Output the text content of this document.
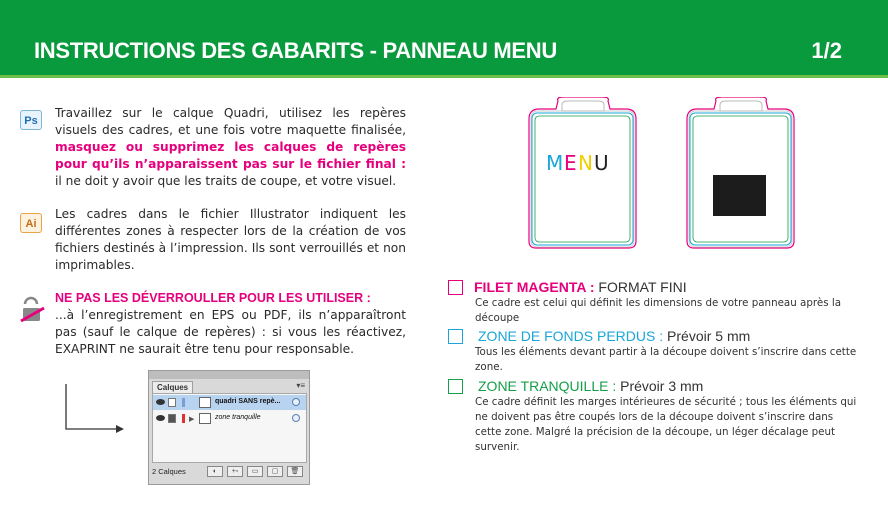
INSTRUCTIONS DES GABARITS - PANNEAU MENU	1/2
Ps
Travaillez sur le calque Quadri, utilisez les repères visuels des cadres, et une fois votre maquette finalisée, masquez ou supprimez les calques de repères pour qu’ils n’apparaissent pas sur le fichier final : il ne doit y avoir que les traits de coupe, et votre visuel.
Ai
Les cadres dans le fichier Illustrator indiquent les différentes zones à respecter lors de la création de vos fichiers destinés à l’impression. Ils sont verrouillés et non imprimables.
NE PAS LES DÉVERROULLER POUR LES UTILISER :
...à l’enregistrement en EPS ou PDF, ils n’apparaîtront pas (sauf le calque de repères) : si vous les réactivez, EXAPRINT ne saurait être tenu pour responsable.
Calques	▾≡
quadri SANS repè...
▶	zone tranquille
2 Calques	◐	+▫	▭	▢	🗑
M E N U
FILET MAGENTA : FORMAT FINI
Ce cadre est celui qui définit les dimensions de votre panneau après la découpe
ZONE DE FONDS PERDUS : Prévoir 5 mm
Tous les éléments devant partir à la découpe doivent s’inscrire dans cette zone.
ZONE TRANQUILLE : Prévoir 3 mm
Ce cadre définit les marges intérieures de sécurité ; tous les éléments qui ne doivent pas être coupés lors de la découpe doivent s’inscrire dans cette zone. Malgré la précision de la découpe, un léger décalage peut survenir.
